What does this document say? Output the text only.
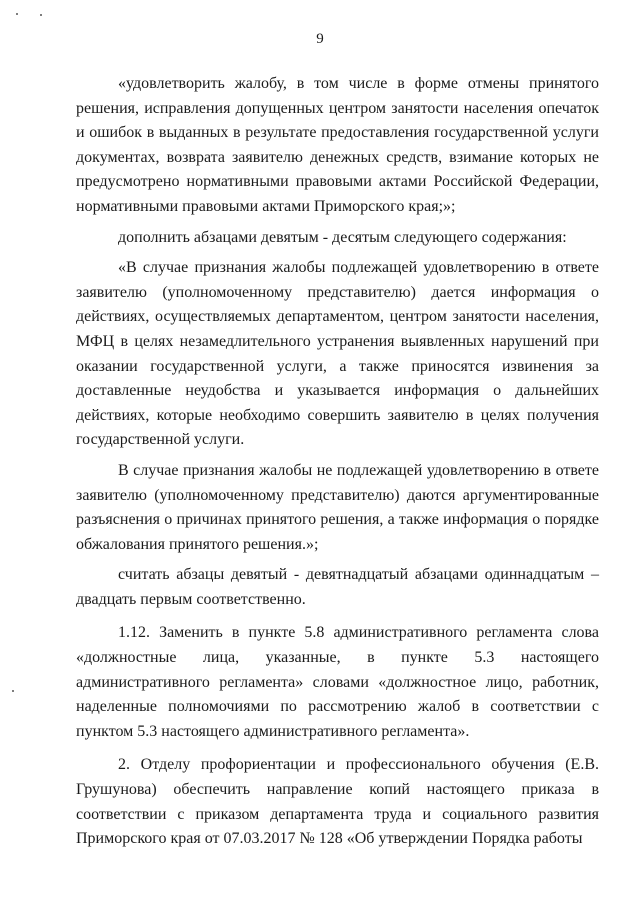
9

«удовлетворить жалобу, в том числе в форме отмены принятого решения, исправления допущенных центром занятости населения опечаток и ошибок в выданных в результате предоставления государственной услуги документах, возврата заявителю денежных средств, взимание которых не предусмотрено нормативными правовыми актами Российской Федерации, нормативными правовыми актами Приморского края;»;

дополнить абзацами девятым - десятым следующего содержания:

«В случае признания жалобы подлежащей удовлетворению в ответе заявителю (уполномоченному представителю) дается информация о действиях, осуществляемых департаментом, центром занятости населения, МФЦ в целях незамедлительного устранения выявленных нарушений при оказании государственной услуги, а также приносятся извинения за доставленные неудобства и указывается информация о дальнейших действиях, которые необходимо совершить заявителю в целях получения государственной услуги.

В случае признания жалобы не подлежащей удовлетворению в ответе заявителю (уполномоченному представителю) даются аргументированные разъяснения о причинах принятого решения, а также информация о порядке обжалования принятого решения.»;

считать абзацы девятый - девятнадцатый абзацами одиннадцатым – двадцать первым соответственно.

1.12. Заменить в пункте 5.8 административного регламента слова «должностные лица, указанные, в пункте 5.3 настоящего административного регламента» словами «должностное лицо, работник, наделенные полномочиями по рассмотрению жалоб в соответствии с пунктом 5.3 настоящего административного регламента».

2. Отделу профориентации и профессионального обучения (Е.В. Грушунова) обеспечить направление копий настоящего приказа в соответствии с приказом департамента труда и социального развития Приморского края от 07.03.2017 № 128 «Об утверждении Порядка работы
